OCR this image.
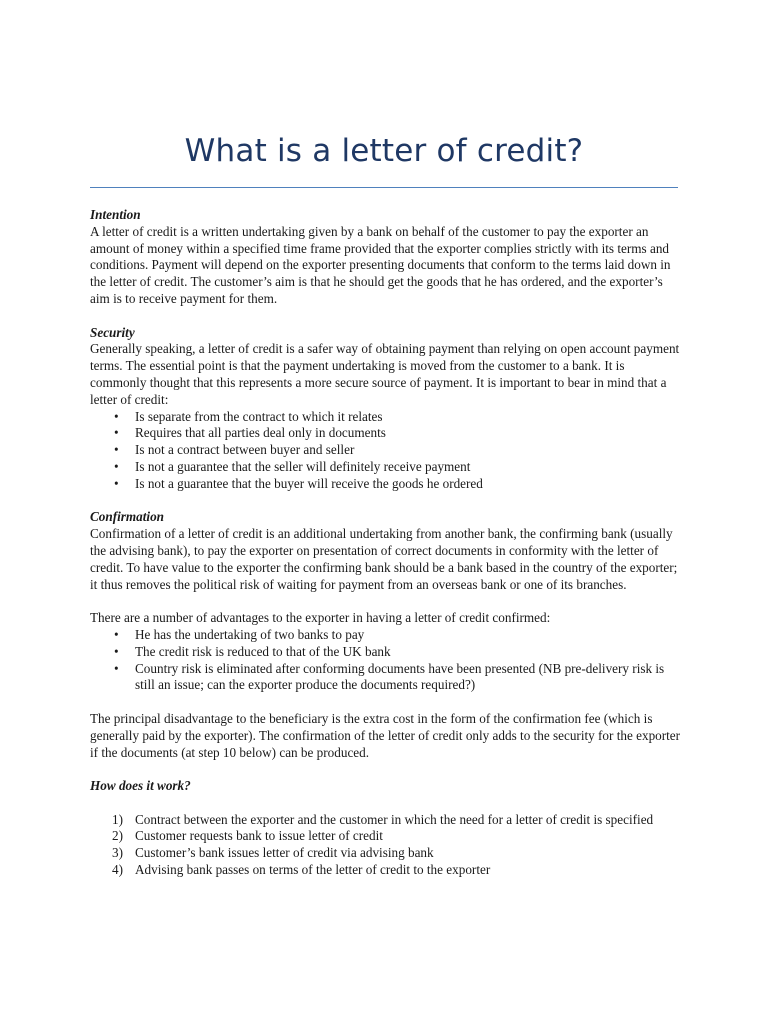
What is a letter of credit?

Intention

A letter of credit is a written undertaking given by a bank on behalf of the customer to pay the exporter an amount of money within a specified time frame provided that the exporter complies strictly with its terms and conditions. Payment will depend on the exporter presenting documents that conform to the terms laid down in the letter of credit. The customer’s aim is that he should get the goods that he has ordered, and the exporter’s aim is to receive payment for them.

Security

Generally speaking, a letter of credit is a safer way of obtaining payment than relying on open account payment terms. The essential point is that the payment undertaking is moved from the customer to a bank. It is commonly thought that this represents a more secure source of payment. It is important to bear in mind that a letter of credit:

• Is separate from the contract to which it relates
• Requires that all parties deal only in documents
• Is not a contract between buyer and seller
• Is not a guarantee that the seller will definitely receive payment
• Is not a guarantee that the buyer will receive the goods he ordered

Confirmation

Confirmation of a letter of credit is an additional undertaking from another bank, the confirming bank (usually the advising bank), to pay the exporter on presentation of correct documents in conformity with the letter of credit. To have value to the exporter the confirming bank should be a bank based in the country of the exporter; it thus removes the political risk of waiting for payment from an overseas bank or one of its branches.

There are a number of advantages to the exporter in having a letter of credit confirmed:

• He has the undertaking of two banks to pay
• The credit risk is reduced to that of the UK bank
• Country risk is eliminated after conforming documents have been presented (NB pre-delivery risk is still an issue; can the exporter produce the documents required?)

The principal disadvantage to the beneficiary is the extra cost in the form of the confirmation fee (which is generally paid by the exporter). The confirmation of the letter of credit only adds to the security for the exporter if the documents (at step 10 below) can be produced.

How does it work?

1) Contract between the exporter and the customer in which the need for a letter of credit is specified
2) Customer requests bank to issue letter of credit
3) Customer’s bank issues letter of credit via advising bank
4) Advising bank passes on terms of the letter of credit to the exporter
